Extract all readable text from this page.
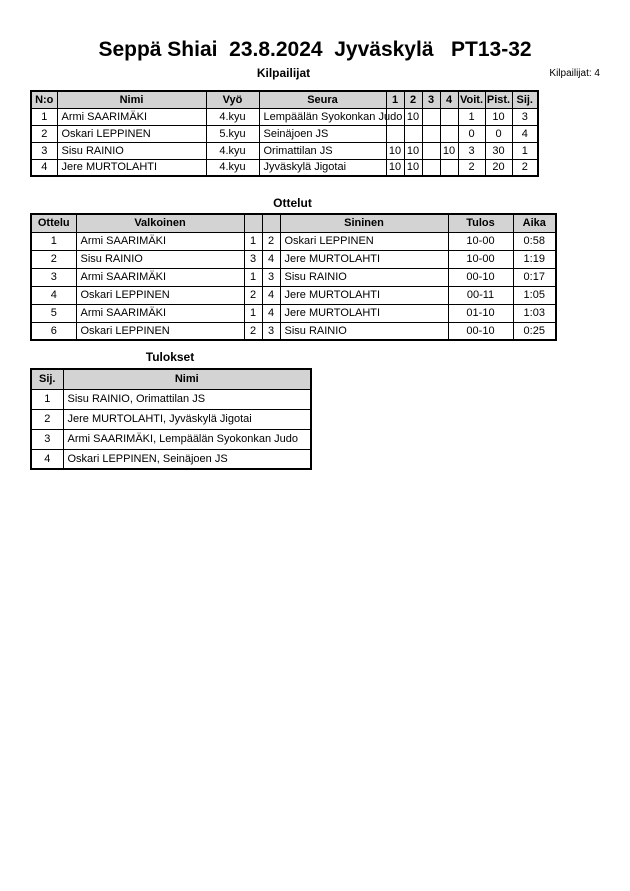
Seppä Shiai  23.8.2024  Jyväskylä   PT13-32
Kilpailijat	Kilpailijat: 4
N:o	Nimi	Vyö	Seura	1	2	3	4	Voit.	Pist.	Sij.
1	Armi SAARIMÄKI	4.kyu	Lempäälän Syokonkan Judo		10			1	10	3
2	Oskari LEPPINEN	5.kyu	Seinäjoen JS					0	0	4
3	Sisu RAINIO	4.kyu	Orimattilan JS	10	10		10	3	30	1
4	Jere MURTOLAHTI	4.kyu	Jyväskylä Jigotai	10	10			2	20	2
Ottelut
Ottelu	Valkoinen			Sininen	Tulos	Aika
1	Armi SAARIMÄKI	1	2	Oskari LEPPINEN	10-00	0:58
2	Sisu RAINIO	3	4	Jere MURTOLAHTI	10-00	1:19
3	Armi SAARIMÄKI	1	3	Sisu RAINIO	00-10	0:17
4	Oskari LEPPINEN	2	4	Jere MURTOLAHTI	00-11	1:05
5	Armi SAARIMÄKI	1	4	Jere MURTOLAHTI	01-10	1:03
6	Oskari LEPPINEN	2	3	Sisu RAINIO	00-10	0:25
Tulokset
Sij.	Nimi
1	Sisu RAINIO, Orimattilan JS
2	Jere MURTOLAHTI, Jyväskylä Jigotai
3	Armi SAARIMÄKI, Lempäälän Syokonkan Judo
4	Oskari LEPPINEN, Seinäjoen JS
